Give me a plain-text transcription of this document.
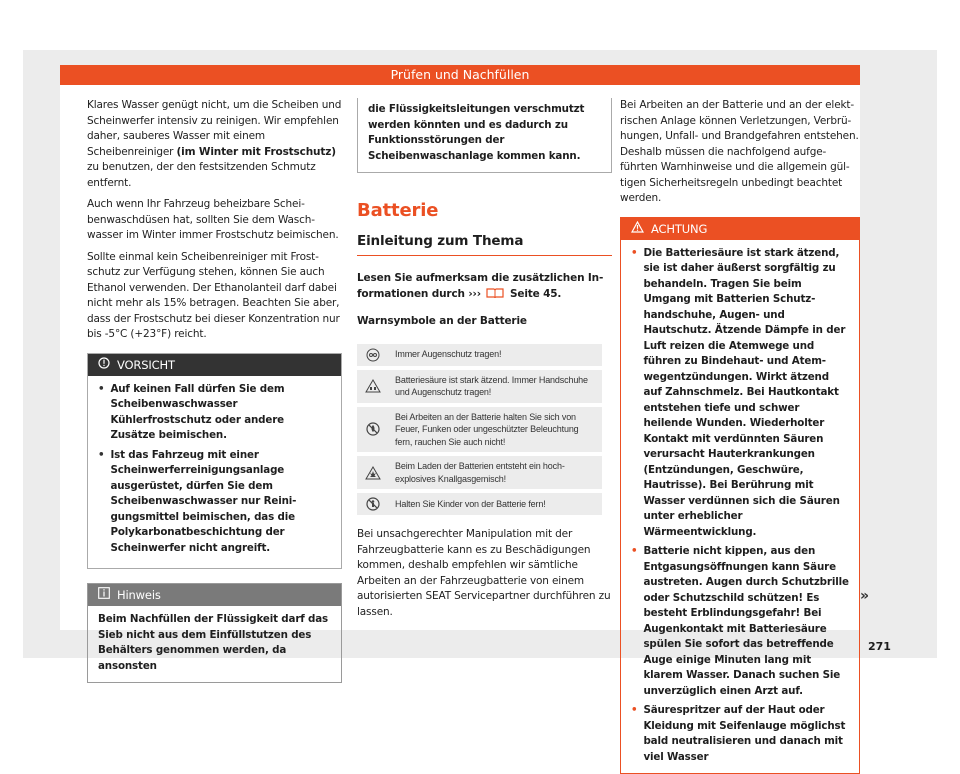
Prüfen und Nachfüllen

Klares Wasser genügt nicht, um die Scheiben und Scheinwerfer intensiv zu reinigen. Wir empfehlen daher, sauberes Wasser mit einem Scheibenreiniger (im Winter mit Frostschutz) zu benutzen, der den festsitzenden Schmutz entfernt.

Auch wenn Ihr Fahrzeug beheizbare Scheibenwaschdüsen hat, sollten Sie dem Waschwasser im Winter immer Frostschutz beimischen.

Sollte einmal kein Scheibenreiniger mit Frostschutz zur Verfügung stehen, können Sie auch Ethanol verwenden. Der Ethanolanteil darf dabei nicht mehr als 15% betragen. Beachten Sie aber, dass der Frostschutz bei dieser Konzentration nur bis -5°C (+23°F) reicht.

VORSICHT
• Auf keinen Fall dürfen Sie dem Scheibenwaschwasser Kühlerfrostschutz oder andere Zusätze beimischen.
• Ist das Fahrzeug mit einer Scheinwerferreinigungsanlage ausgerüstet, dürfen Sie dem Scheibenwaschwasser nur Reinigungsmittel beimischen, das die Polykarbonatbeschichtung der Scheinwerfer nicht angreift.
Hinweis
Beim Nachfüllen der Flüssigkeit darf das Sieb nicht aus dem Einfüllstutzen des Behälters genommen werden, da ansonsten
die Flüssigkeitsleitungen verschmutzt werden könnten und es dadurch zu Funktionsstörungen der Scheibenwaschanlage kommen kann.
Batterie
Einleitung zum Thema
Lesen Sie aufmerksam die zusätzlichen Informationen durch ›››	Seite 45.
Warnsymbole an der Batterie
	Immer Augenschutz tragen!

	Batteriesäure ist stark ätzend. Immer Handschuhe und Augenschutz tragen!

	Bei Arbeiten an der Batterie halten Sie sich von Feuer, Funken oder ungeschützter Beleuchtung fern, rauchen Sie auch nicht!

	Beim Laden der Batterien entsteht ein hochexplosives Knallgasgemisch!

	Halten Sie Kinder von der Batterie fern!

Bei unsachgerechter Manipulation mit der Fahrzeugbatterie kann es zu Beschädigungen kommen, deshalb empfehlen wir sämtliche Arbeiten an der Fahrzeugbatterie von einem autorisierten SEAT Servicepartner durchführen zu lassen.

Bei Arbeiten an der Batterie und an der elektrischen Anlage können Verletzungen, Verbrühungen, Unfall- und Brandgefahren entstehen. Deshalb müssen die nachfolgend aufgeführten Warnhinweise und die allgemein gültigen Sicherheitsregeln unbedingt beachtet werden.

ACHTUNG
• Die Batteriesäure ist stark ätzend, sie ist daher äußerst sorgfältig zu behandeln. Tragen Sie beim Umgang mit Batterien Schutzhandschuhe, Augen- und Hautschutz. Ätzende Dämpfe in der Luft reizen die Atemwege und führen zu Bindehaut- und Atemwegentzündungen. Wirkt ätzend auf Zahnschmelz. Bei Hautkontakt entstehen tiefe und schwer heilende Wunden. Wiederholter Kontakt mit verdünnten Säuren verursacht Hauterkrankungen (Entzündungen, Geschwüre, Hautrisse). Bei Berührung mit Wasser verdünnen sich die Säuren unter erheblicher Wärmeentwicklung.
• Batterie nicht kippen, aus den Entgasungsöffnungen kann Säure austreten. Augen durch Schutzbrille oder Schutzschild schützen! Es besteht Erblindungsgefahr! Bei Augenkontakt mit Batteriesäure spülen Sie sofort das betreffende Auge einige Minuten lang mit klarem Wasser. Danach suchen Sie unverzüglich einen Arzt auf.
• Säurespritzer auf der Haut oder Kleidung mit Seifenlauge möglichst bald neutralisieren und danach mit viel Wasser
»
271
